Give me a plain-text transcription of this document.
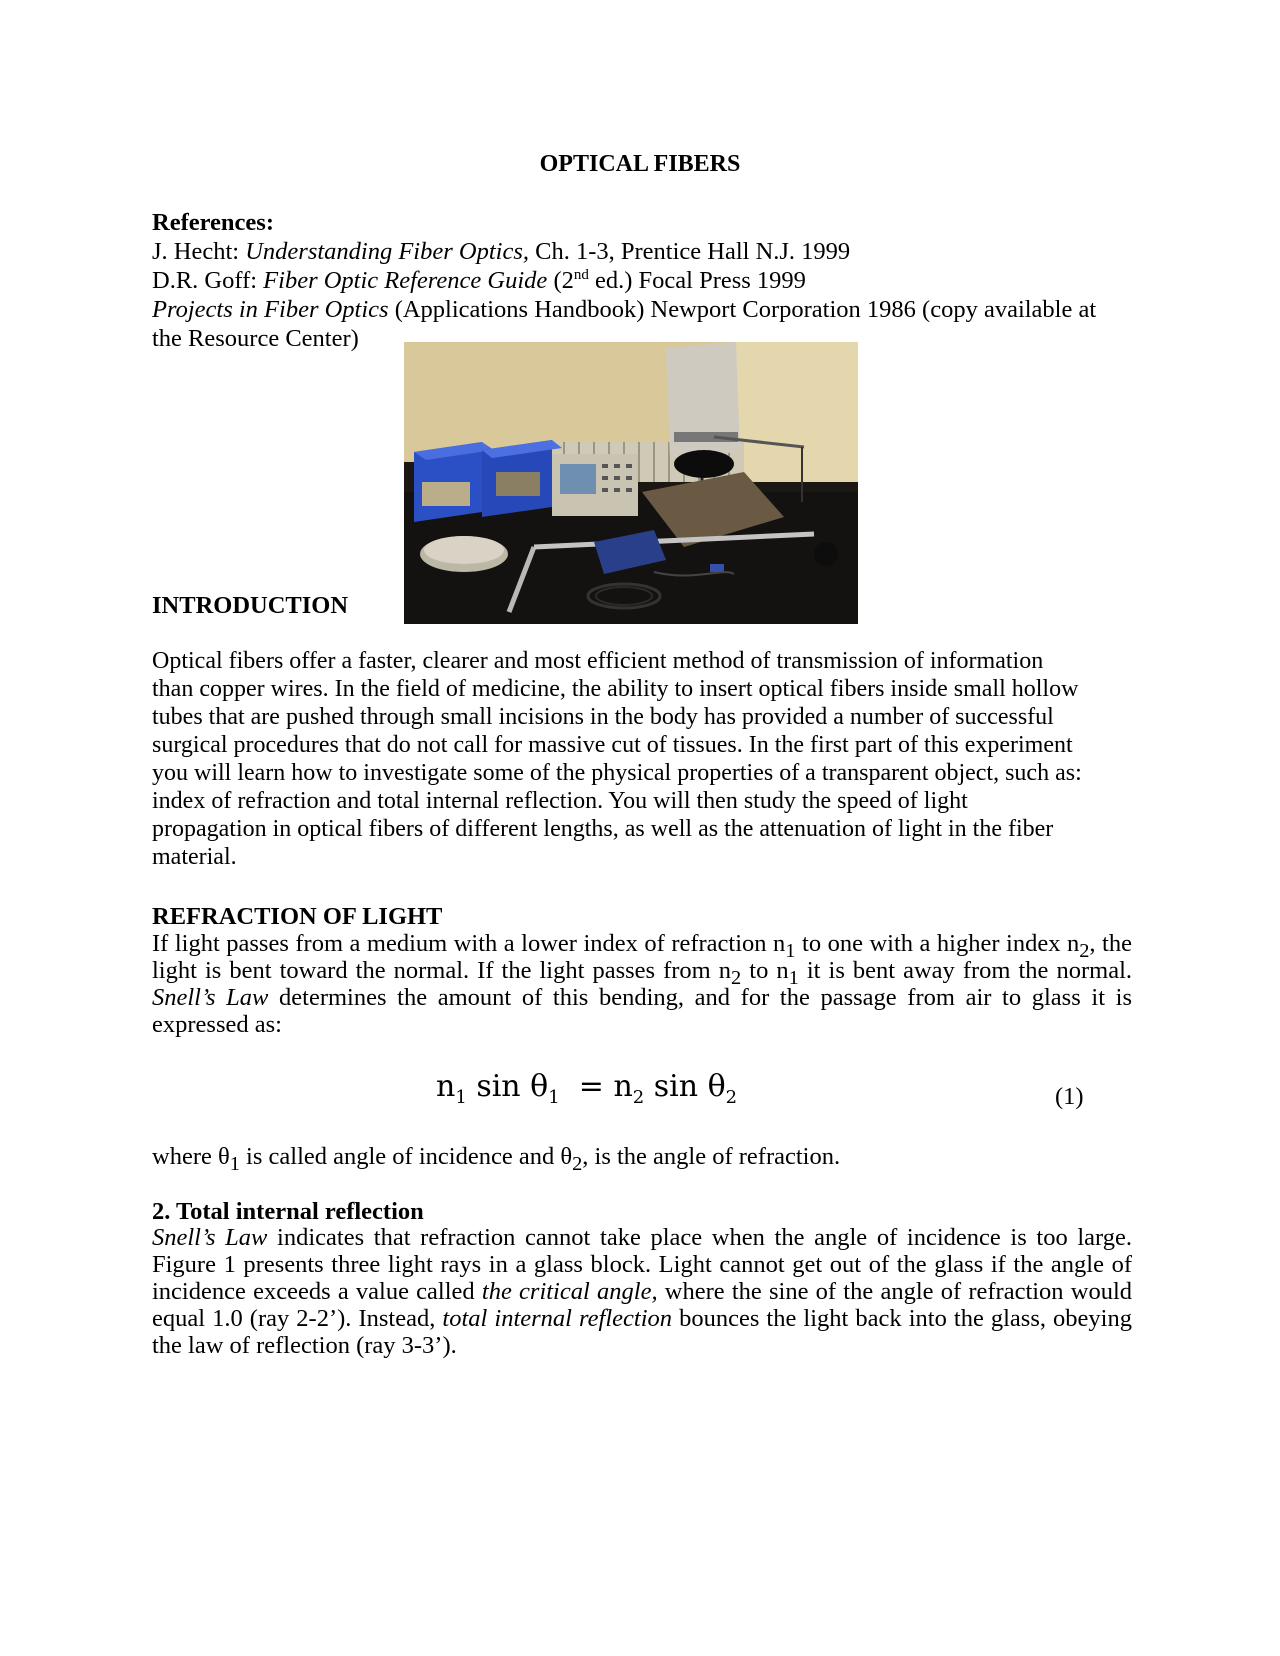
OPTICAL FIBERS
References:
J. Hecht: Understanding Fiber Optics, Ch. 1-3, Prentice Hall N.J. 1999
D.R. Goff: Fiber Optic Reference Guide (2nd ed.) Focal Press 1999
Projects in Fiber Optics (Applications Handbook) Newport Corporation 1986 (copy available at
the Resource Center)
INTRODUCTION
Optical fibers offer a faster, clearer and most efficient method of transmission of information
than copper wires. In the field of medicine, the ability to insert optical fibers inside small hollow
tubes that are pushed through small incisions in the body has provided a number of successful
surgical procedures that do not call for massive cut of tissues. In the first part of this experiment
you will learn how to investigate some of the physical properties of a transparent object, such as:
index of refraction and total internal reflection. You will then study the speed of light
propagation in optical fibers of different lengths, as well as the attenuation of light in the fiber
material.
REFRACTION OF LIGHT
If light passes from a medium with a lower index of refraction $n_1$ to one with a higher index $n_2$, the light is bent toward the normal. If the light passes from $n_2$ to $n_1$ it is bent away from the normal. Snell’s Law determines the amount of this bending, and for the passage from air to glass it is expressed as:
$n_1$ $\sin \theta_1 = n_2$ $\sin \theta_2$	(1)
where $\theta_1$ is called angle of incidence and $\theta_2$, is the angle of refraction.
2. Total internal reflection
Snell’s Law indicates that refraction cannot take place when the angle of incidence is too large. Figure 1 presents three light rays in a glass block. Light cannot get out of the glass if the angle of incidence exceeds a value called the critical angle, where the sine of the angle of refraction would equal 1.0 (ray 2-2’). Instead, total internal reflection bounces the light back into the glass, obeying the law of reflection (ray 3-3’).
